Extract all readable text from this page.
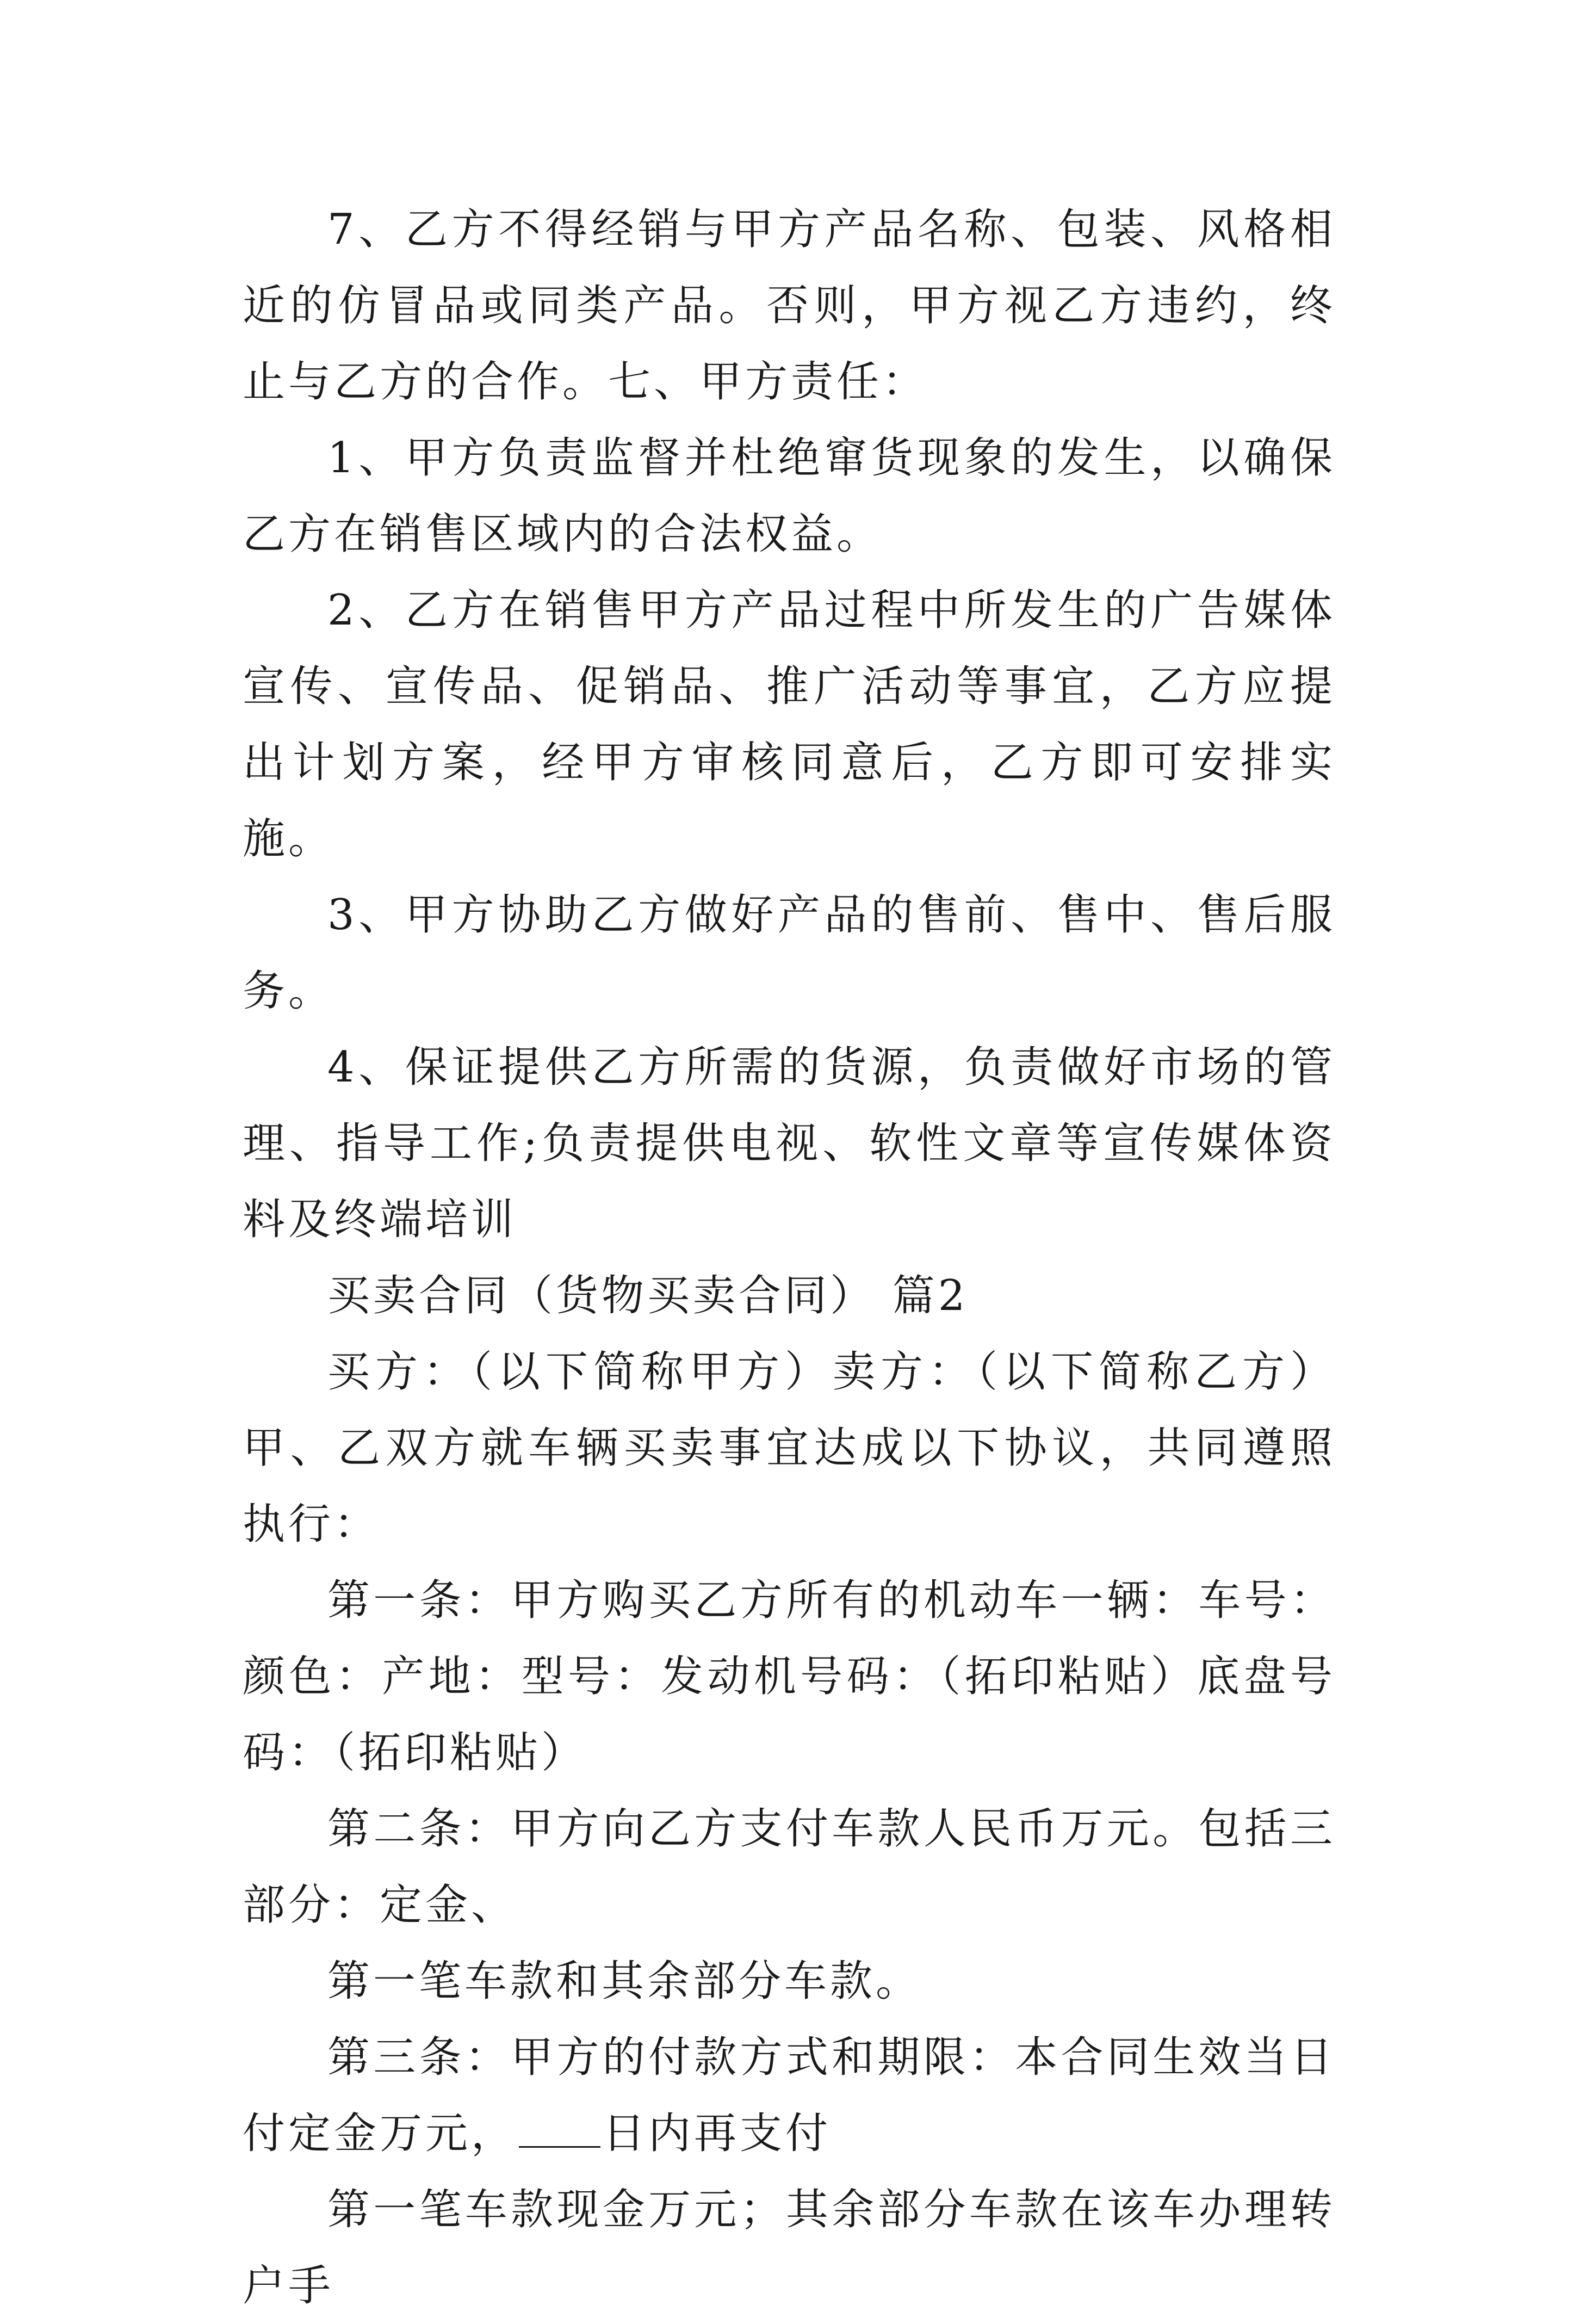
7、乙方不得经销与甲方产品名称、包装、风格相近的仿冒品或同类产品。否则，甲方视乙方违约，终止与乙方的合作。七、甲方责任：

1、甲方负责监督并杜绝窜货现象的发生，以确保乙方在销售区域内的合法权益。

2、乙方在销售甲方产品过程中所发生的广告媒体宣传、宣传品、促销品、推广活动等事宜，乙方应提出计划方案，经甲方审核同意后，乙方即可安排实施。

3、甲方协助乙方做好产品的售前、售中、售后服务。

4、保证提供乙方所需的货源，负责做好市场的管理、指导工作;负责提供电视、软性文章等宣传媒体资料及终端培训

买卖合同（货物买卖合同） 篇2

买方：（以下简称甲方）卖方：（以下简称乙方）甲、乙双方就车辆买卖事宜达成以下协议，共同遵照执行：

第一条：甲方购买乙方所有的机动车一辆：车号：颜色：产地：型号：发动机号码：（拓印粘贴）底盘号码：（拓印粘贴）

第二条：甲方向乙方支付车款人民币万元。包括三部分：定金、

第一笔车款和其余部分车款。

第三条：甲方的付款方式和期限：本合同生效当日付定金万元， 日内再支付

第一笔车款现金万元；其余部分车款在该车办理转户手
